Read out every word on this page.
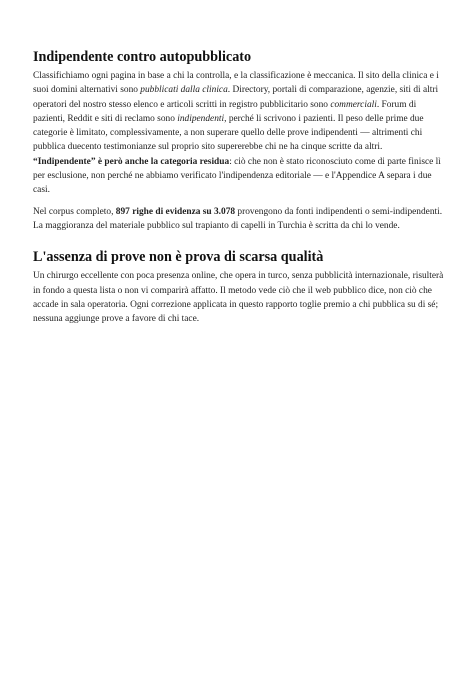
Indipendente contro autopubblicato

Classifichiamo ogni pagina in base a chi la controlla, e la classificazione è meccanica. Il sito della clinica e i suoi domini alternativi sono pubblicati dalla clinica. Directory, portali di comparazione, agenzie, siti di altri operatori del nostro stesso elenco e articoli scritti in registro pubblicitario sono commerciali. Forum di pazienti, Reddit e siti di reclamo sono indipendenti, perché li scrivono i pazienti. Il peso delle prime due categorie è limitato, complessivamente, a non superare quello delle prove indipendenti — altrimenti chi pubblica duecento testimonianze sul proprio sito supererebbe chi ne ha cinque scritte da altri. “Indipendente” è però anche la categoria residua: ciò che non è stato riconosciuto come di parte finisce lì per esclusione, non perché ne abbiamo verificato l'indipendenza editoriale — e l'Appendice A separa i due casi.

Nel corpus completo, 897 righe di evidenza su 3.078 provengono da fonti indipendenti o semi-indipendenti. La maggioranza del materiale pubblico sul trapianto di capelli in Turchia è scritta da chi lo vende.

L'assenza di prove non è prova di scarsa qualità

Un chirurgo eccellente con poca presenza online, che opera in turco, senza pubblicità internazionale, risulterà in fondo a questa lista o non vi comparirà affatto. Il metodo vede ciò che il web pubblico dice, non ciò che accade in sala operatoria. Ogni correzione applicata in questo rapporto toglie premio a chi pubblica su di sé; nessuna aggiunge prove a favore di chi tace.
